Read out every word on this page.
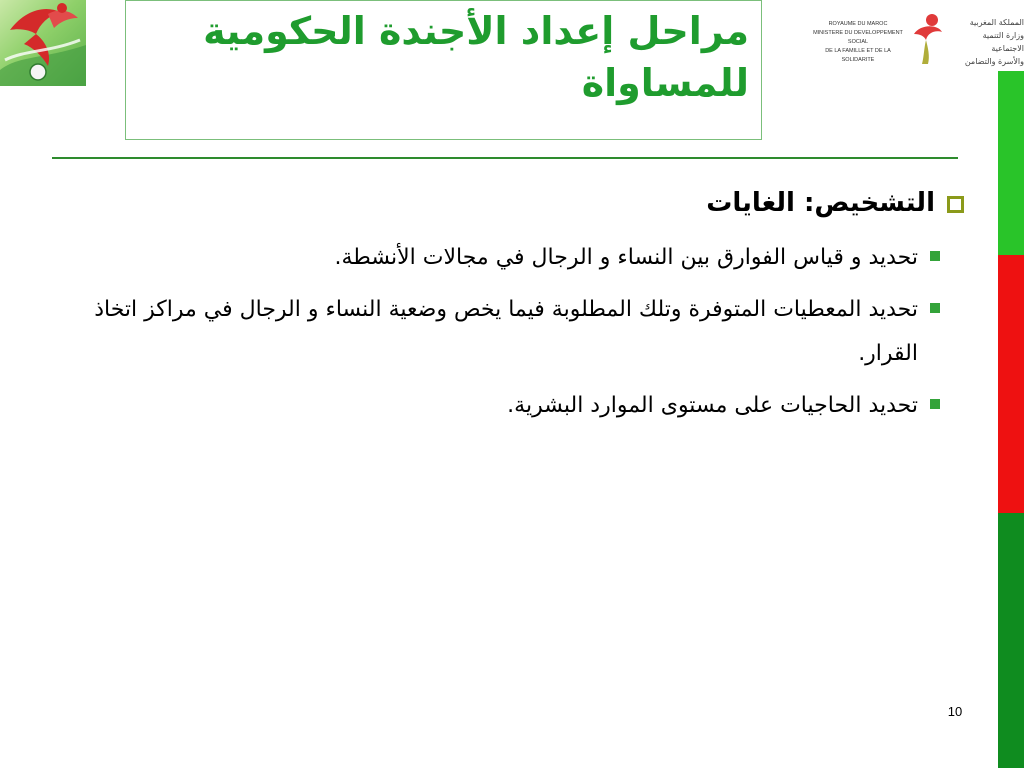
مراحل إعداد الأجندة الحكومية
للمساواة
ROYAUME DU MAROC
MINISTERE DU DEVELOPPEMENT SOCIAL
DE LA FAMILLE ET DE LA SOLIDARITE
المملكة المغربية
وزارة التنمية الاجتماعية
والأسرة والتضامن
التشخيص: الغايات
تحديد و قياس الفوارق بين النساء و الرجال في مجالات الأنشطة.
تحديد المعطيات المتوفرة وتلك المطلوبة فيما يخص وضعية النساء و الرجال في مراكز اتخاذ القرار.
تحديد الحاجيات على مستوى الموارد البشرية.
10
